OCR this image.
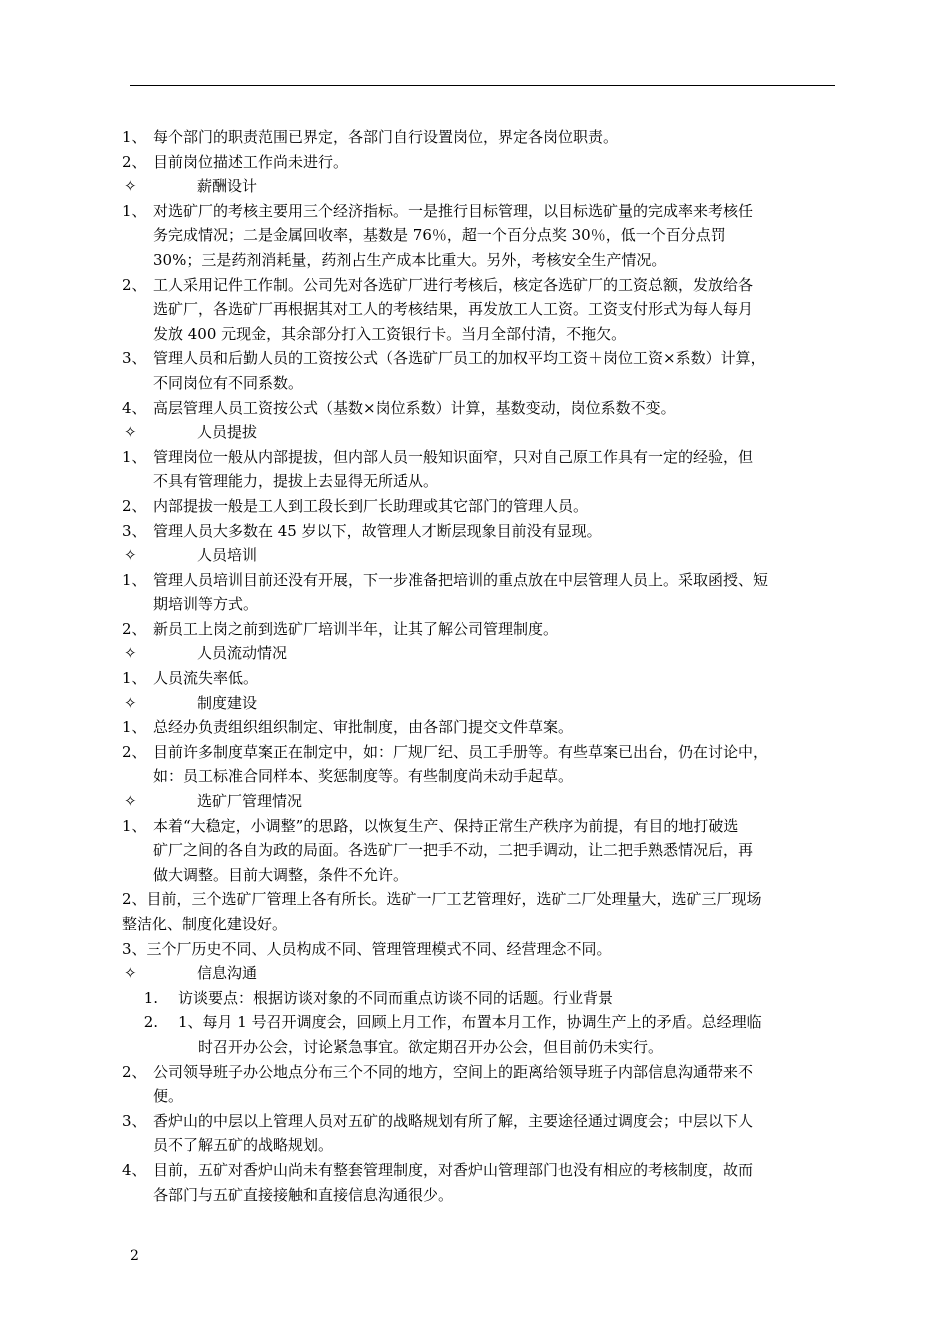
1、 每个部门的职责范围已界定，各部门自行设置岗位，界定各岗位职责。
2、 目前岗位描述工作尚未进行。
✧	薪酬设计
1、 对选矿厂的考核主要用三个经济指标。一是推行目标管理，以目标选矿量的完成率来考核任
务完成情况；二是金属回收率，基数是 76％，超一个百分点奖 30％，低一个百分点罚
30%；三是药剂消耗量，药剂占生产成本比重大。另外，考核安全生产情况。
2、 工人采用记件工作制。公司先对各选矿厂进行考核后，核定各选矿厂的工资总额，发放给各
选矿厂，各选矿厂再根据其对工人的考核结果，再发放工人工资。工资支付形式为每人每月
发放 400 元现金，其余部分打入工资银行卡。当月全部付清，不拖欠。
3、 管理人员和后勤人员的工资按公式（各选矿厂员工的加权平均工资＋岗位工资×系数）计算，
不同岗位有不同系数。
4、 高层管理人员工资按公式（基数×岗位系数）计算，基数变动，岗位系数不变。
✧	人员提拔
1、 管理岗位一般从内部提拔，但内部人员一般知识面窄，只对自己原工作具有一定的经验，但
不具有管理能力，提拔上去显得无所适从。
2、 内部提拔一般是工人到工段长到厂长助理或其它部门的管理人员。
3、 管理人员大多数在 45 岁以下，故管理人才断层现象目前没有显现。
✧	人员培训
1、 管理人员培训目前还没有开展，下一步准备把培训的重点放在中层管理人员上。采取函授、短
期培训等方式。
2、 新员工上岗之前到选矿厂培训半年，让其了解公司管理制度。
✧	人员流动情况
1、 人员流失率低。
✧	制度建设
1、 总经办负责组织组织制定、审批制度，由各部门提交文件草案。
2、 目前许多制度草案正在制定中，如：厂规厂纪、员工手册等。有些草案已出台，仍在讨论中，
如：员工标准合同样本、奖惩制度等。有些制度尚未动手起草。
✧	选矿厂管理情况
1、 本着“大稳定，小调整”的思路，以恢复生产、保持正常生产秩序为前提，有目的地打破选
矿厂之间的各自为政的局面。各选矿厂一把手不动，二把手调动，让二把手熟悉情况后，再
做大调整。目前大调整，条件不允许。
2、目前，三个选矿厂管理上各有所长。选矿一厂工艺管理好，选矿二厂处理量大，选矿三厂现场
整洁化、制度化建设好。
3、三个厂历史不同、人员构成不同、管理管理模式不同、经营理念不同。
✧	信息沟通
1.	访谈要点：根据访谈对象的不同而重点访谈不同的话题。行业背景
2.	1、每月 1 号召开调度会，回顾上月工作，布置本月工作，协调生产上的矛盾。总经理临
时召开办公会，讨论紧急事宜。欲定期召开办公会，但目前仍未实行。
2、 公司领导班子办公地点分布三个不同的地方，空间上的距离给领导班子内部信息沟通带来不
便。
3、 香炉山的中层以上管理人员对五矿的战略规划有所了解，主要途径通过调度会；中层以下人
员不了解五矿的战略规划。
4、 目前，五矿对香炉山尚未有整套管理制度，对香炉山管理部门也没有相应的考核制度，故而
各部门与五矿直接接触和直接信息沟通很少。
2
